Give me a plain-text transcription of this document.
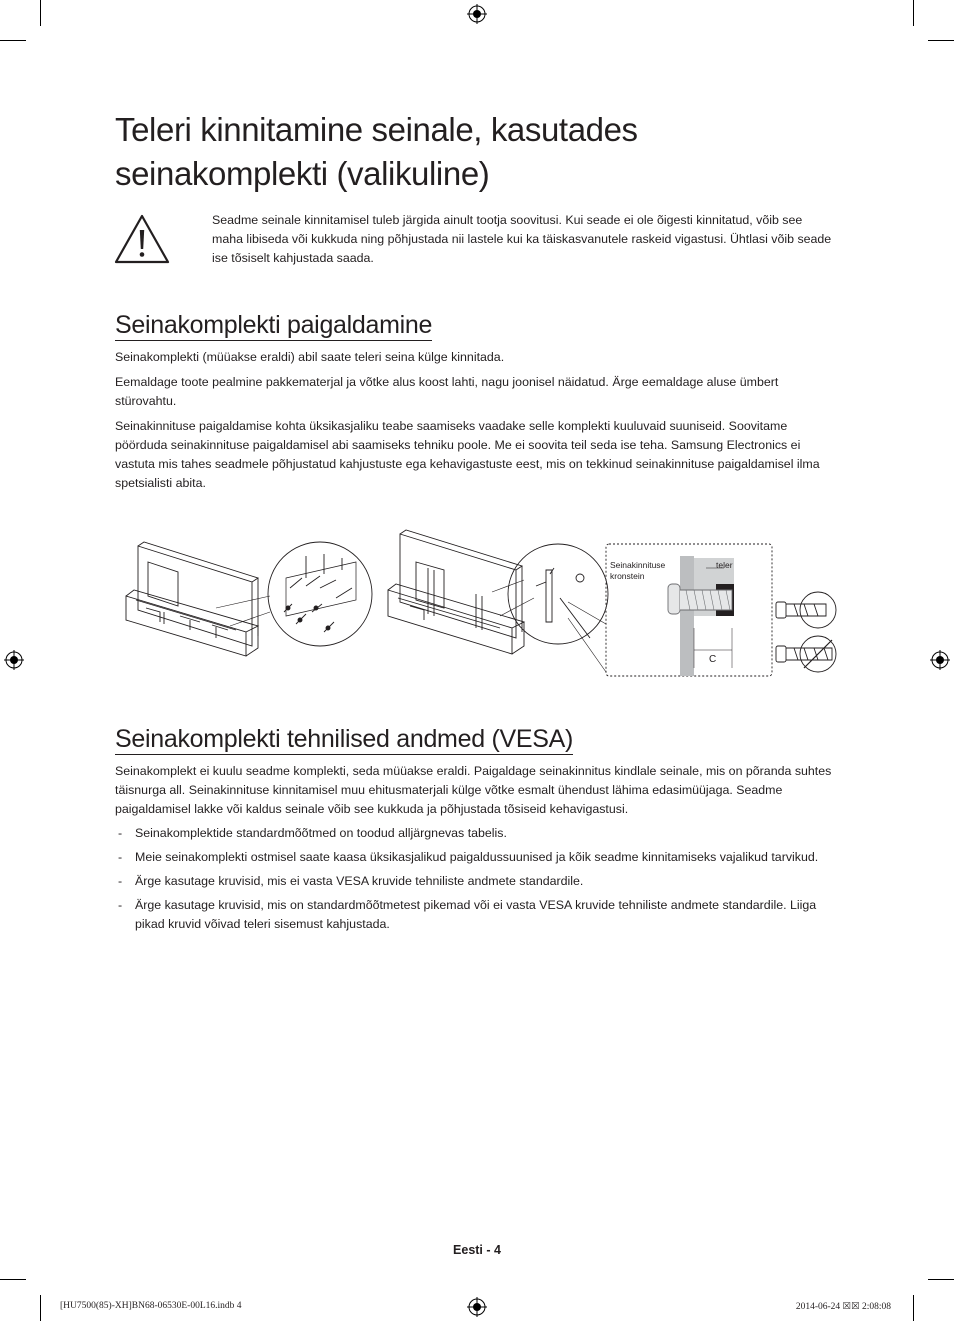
Teleri kinnitamine seinale, kasutades
seinakomplekti (valikuline)

Seadme seinale kinnitamisel tuleb järgida ainult tootja soovitusi. Kui seade ei ole õigesti kinnitatud, võib see maha libiseda või kukkuda ning põhjustada nii lastele kui ka täiskasvanutele raskeid vigastusi. Ühtlasi võib seade ise tõsiselt kahjustada saada.

Seinakomplekti paigaldamine

Seinakomplekti (müüakse eraldi) abil saate teleri seina külge kinnitada.

Eemaldage toote pealmine pakkematerjal ja võtke alus koost lahti, nagu joonisel näidatud. Ärge eemaldage aluse ümbert stürovahtu.

Seinakinnituse paigaldamise kohta üksikasjaliku teabe saamiseks vaadake selle komplekti kuuluvaid suuniseid. Soovitame pöörduda seinakinnituse paigaldamisel abi saamiseks tehniku poole. Me ei soovita teil seda ise teha. Samsung Electronics ei vastuta mis tahes seadmele põhjustatud kahjustuste ega kehavigastuste eest, mis on tekkinud seinakinnituse paigaldamisel ilma spetsialisti abita.

Seinakinnituse
kronstein
teler
C
Seinakomplekti tehnilised andmed (VESA)

Seinakomplekt ei kuulu seadme komplekti, seda müüakse eraldi. Paigaldage seinakinnitus kindlale seinale, mis on põranda suhtes täisnurga all. Seinakinnituse kinnitamisel muu ehitusmaterjali külge võtke esmalt ühendust lähima edasimüüjaga. Seadme paigaldamisel lakke või kaldus seinale võib see kukkuda ja põhjustada tõsiseid kehavigastusi.

- Seinakomplektide standardmõõtmed on toodud alljärgnevas tabelis.
- Meie seinakomplekti ostmisel saate kaasa üksikasjalikud paigaldussuunised ja kõik seadme kinnitamiseks vajalikud tarvikud.
- Ärge kasutage kruvisid, mis ei vasta VESA kruvide tehniliste andmete standardile.
- Ärge kasutage kruvisid, mis on standardmõõtmetest pikemad või ei vasta VESA kruvide tehniliste andmete standardile. Liiga pikad kruvid võivad teleri sisemust kahjustada.
Eesti - 4
[HU7500(85)-XH]BN68-06530E-00L16.indb 4	2014-06-24 ☒☒ 2:08:08
